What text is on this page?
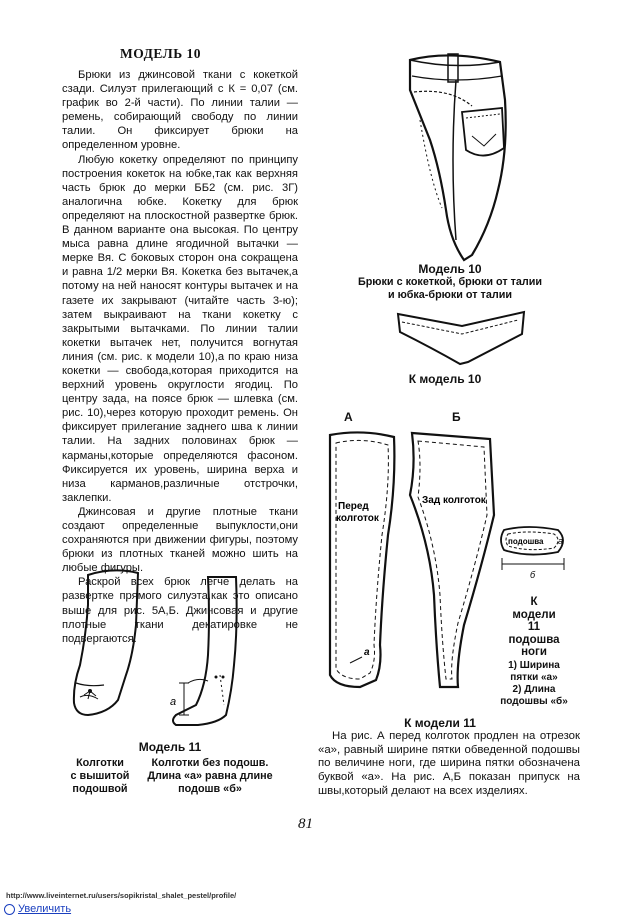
МОДЕЛЬ 10

Брюки из джинсовой ткани с кокеткой сзади. Силуэт прилегающий с К = 0,07 (см. график во 2-й части). По линии талии — ремень, собирающий свободу по линии талии. Он фиксирует брюки на определенном уровне.

Любую кокетку определяют по принципу построения кокеток на юбке,так как верхняя часть брюк до мерки ББ2 (см. рис. 3Г) аналогична юбке. Кокетку для брюк определяют на плоскостной развертке брюк. В данном варианте она высокая. По центру мыса равна длине ягодичной вытачки — мерке Вя. С боковых сторон она сокращена и равна 1/2 мерки Вя. Кокетка без вытачек,а потому на ней наносят контуры вытачек и на газете их закрывают (читайте часть 3-ю); затем выкраивают на ткани кокетку с закрытыми вытачками. По линии талии кокетки вытачек нет, получится вогнутая линия (см. рис. к модели 10),а по краю низа кокетки — свобода,которая приходится на верхний уровень округлости ягодиц. По центру зада, на поясе брюк — шлевка (см. рис. 10),через которую проходит ремень. Он фиксирует прилегание заднего шва к линии талии. На задних половинах брюк — карманы,которые определяются фасоном. Фиксируется их уровень, ширина верха и низа карманов,различные отстрочки, заклепки.

Джинсовая и другие плотные ткани создают определенные выпуклости,они сохраняются при движении фигуры, поэтому брюки из плотных тканей можно шить на любые фигуры.

Раскрой всех брюк легче делать на развертке прямого силуэта,как это описано выше для рис. 5А,Б. Джинсовая и другие плотные ткани декатировке не подвергаются.

а
Модель 11
Колготки
с вышитой
подошвой
Колготки без подошв.
Длина «а» равна длине
подошв «б»
Модель 10
Брюки с кокеткой, брюки от талии
и юбка-брюки от талии
К модель 10
А	Б
а
Перед
колготок
Зад колготок
подошва а
б
К
модели
11
подошва
ноги
1) Ширина
пятки «а»
2) Длина
подошвы «б»
К модели 11
На рис. А перед колготок продлен на отрезок «а», равный ширине пятки обведенной подошвы по величине ноги, где ширина пятки обозначена буквой «а». На рис. А,Б показан припуск на швы,который делают на всех изделиях.
81
http://www.liveinternet.ru/users/sopikristal_shalet_pestel/profile/
Увеличить
